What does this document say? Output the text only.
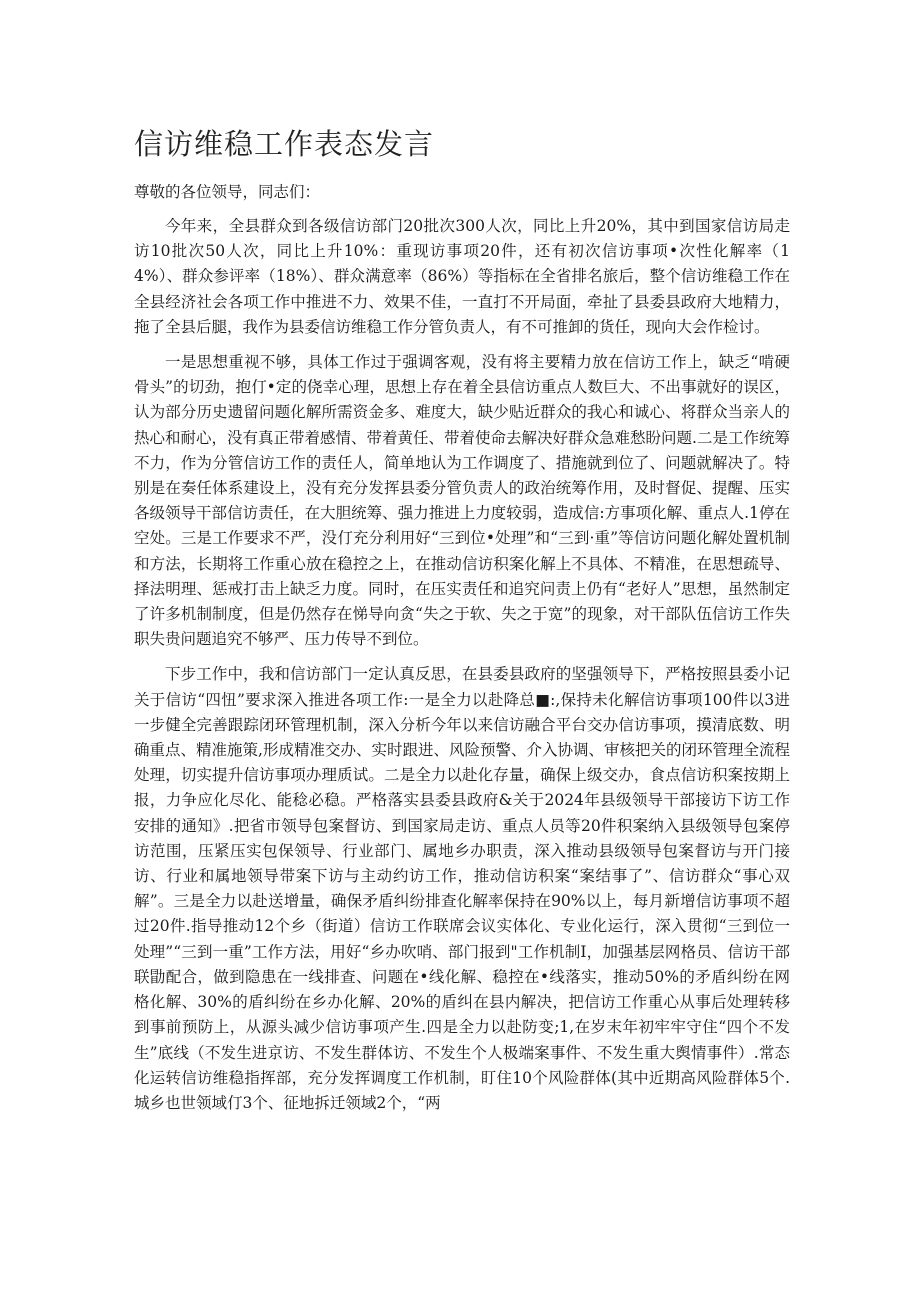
信访维稳工作表态发言
尊敬的各位领导，同志们：

今年来，全县群众到各级信访部门20批次300人次，同比上升20%，其中到国家信访局走访10批次50人次，同比上升10%：重现访事项20件，还有初次信访事项•次性化解率（14%）、群众参评率（18%）、群众满意率（86%）等指标在全省排名旅后，整个信访维稳工作在全县经济社会各项工作中推进不力、效果不佳，一直打不开局面，牵扯了县委县政府大地精力，拖了全县后腿，我作为县委信访维稳工作分管负责人，有不可推卸的货任，现向大会作检讨。

一是思想重视不够，具体工作过于强调客观，没有将主要精力放在信访工作上，缺乏“啃硬骨头”的切劲，抱仃•定的侥幸心理，思想上存在着全县信访重点人数巨大、不出事就好的误区，认为部分历史遗留问题化解所需资金多、难度大，缺少贴近群众的我心和诚心、将群众当亲人的热心和耐心，没有真正带着感情、带着黄任、带着使命去解决好群众急难愁盼问题.二是工作统筹不力，作为分管信访工作的责任人，简单地认为工作调度了、措施就到位了、问题就解决了。特别是在奏任体系建设上，没有充分发挥县委分管负责人的政治统筹作用，及时督促、提醒、压实各级领导干部信访责任，在大胆统筹、强力推进上力度较弱，造成信:方事项化解、重点人.1停在空处。三是工作要求不严，没仃充分利用好“三到位•处理”和“三到·重”等信访问题化解处置机制和方法，长期将工作重心放在稳控之上，在推动信访积案化解上不具体、不精准，在思想疏导、择法明理、惩戒打击上缺乏力度。同时，在压实责任和追究问责上仍有“老好人”思想，虽然制定了许多机制制度，但是仍然存在悌导向贪“失之于软、失之于宽”的现象，对干部队伍信访工作失职失贵问题追究不够严、压力传导不到位。

下步工作中，我和信访部门一定认真反思，在县委县政府的坚强领导下，严格按照县委小记关于信访“四忸”要求深入推进各项工作:一是全力以赴降总■:,保持未化解信访事项100件以3进一步健全完善跟踪闭环管理机制，深入分析今年以来信访融合平台交办信访事项，摸清底数、明确重点、精准施策,形成精准交办、实时跟进、风险预警、介入协调、审核把关的闭环管理全流程处理，切实提升信访事项办理质试。二是全力以赴化存量，确保上级交办，食点信访积案按期上报，力争应化尽化、能稔必稳。严格落实县委县政府&关于2024年县级领导干部接访下访工作安排的通知》.把省市领导包案督访、到国家局走访、重点人员等20件积案纳入县级领导包案停访范围，压紧压实包保领导、行业部门、属地乡办职责，深入推动县级领导包案督访与开门接访、行业和属地领导带案下访与主动约访工作，推动信访积案“案结事了”、信访群众“事心双解”。三是全力以赴送增量，确保矛盾纠纷排查化解率保持在90%以上，每月新增信访事项不超过20件.指导推动12个乡（街道）信访工作联席会议实体化、专业化运行，深入贯彻“三到位一处理”“三到一重”工作方法，用好“乡办吹哨、部门报到"工作机制I，加强基层网格员、信访干部联勖配合，做到隐患在一线排查、问题在•线化解、稳控在•线落实，推动50%的矛盾纠纷在网格化解、30%的盾纠纷在乡办化解、20%的盾纠在县内解决，把信访工作重心从事后处理转移到事前预防上，从源头减少信访事项产生.四是全力以赴防变;1,在岁末年初牢牢守住“四个不发生”底线（不发生进京访、不发生群体访、不发生个人极端案事件、不发生重大舆情事件）.常态化运转信访维稳指挥部，充分发挥调度工作机制，盯住10个风险群体(其中近期高风险群体5个.城乡也世领域仃3个、征地拆迁领域2个，“两
